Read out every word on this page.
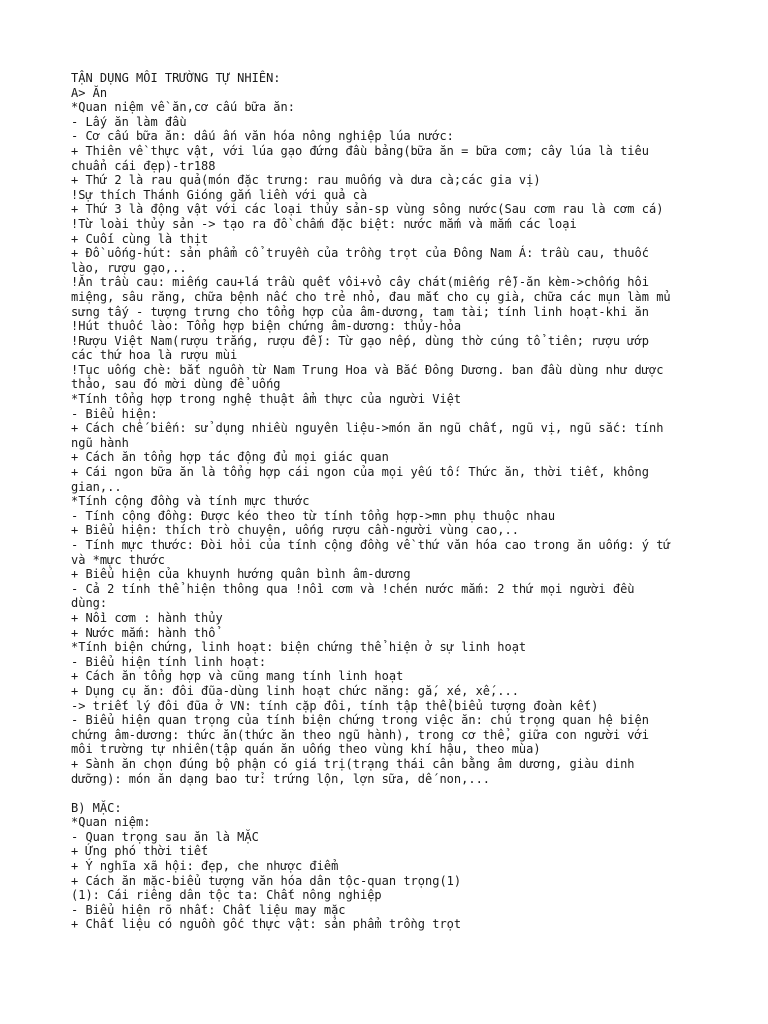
TẬN DỤNG MÔI TRƯỜNG TỰ NHIÊN:
A> Ăn
*Quan niệm về ăn,cơ cấu bữa ăn:
- Lấy ăn làm đầu
- Cơ cấu bữa ăn: dấu ấn văn hóa nông nghiệp lúa nước:
+ Thiên về thực vật, với lúa gạo đứng đầu bảng(bữa ăn = bữa cơm; cây lúa là tiêu
chuẩn cái đẹp)-tr188
+ Thứ 2 là rau quả(món đặc trưng: rau muống và dưa cà;các gia vị)
!Sự thích Thánh Gióng gắn liền với quả cà
+ Thứ 3 là động vật với các loại thủy sản-sp vùng sông nước(Sau cơm rau là cơm cá)
!Từ loài thủy sản -> tạo ra đồ chấm đặc biệt: nước mắm và mắm các loại
+ Cuối cùng là thịt
+ Đồ uống-hút: sản phẩm cổ truyền của trồng trọt của Đông Nam Á: trầu cau, thuốc
lào, rượu gạo,..
!Ăn trầu cau: miếng cau+lá trầu quết vôi+vỏ cây chát(miếng rễ)-ăn kèm->chống hôi
miệng, sâu răng, chữa bệnh nấc cho trẻ nhỏ, đau mắt cho cụ già, chữa các mụn làm mủ
sưng tấy - tượng trưng cho tổng hợp của âm-dương, tam tài; tính linh hoạt-khi ăn
!Hút thuốc lào: Tổng hợp biện chứng âm-dương: thủy-hỏa
!Rượu Việt Nam(rượu trắng, rượu đế): Từ gạo nếp, dùng thờ cúng tổ tiên; rượu ướp
các thứ hoa là rượu mùi
!Tục uống chè: bắt nguồn từ Nam Trung Hoa và Bắc Đông Dương. ban đầu dùng như dược
thảo, sau đó mời dùng để uống
*Tính tổng hợp trong nghệ thuật ẩm thực của người Việt
- Biểu hiện:
+ Cách chế biến: sử dụng nhiều nguyên liệu->món ăn ngũ chất, ngũ vị, ngũ sắc: tính
ngũ hành
+ Cách ăn tổng hợp tác động đủ mọi giác quan
+ Cái ngon bữa ăn là tổng hợp cái ngon của mọi yếu tố: Thức ăn, thời tiết, không
gian,..
*Tính cộng đồng và tính mực thước
- Tính cộng đồng: Được kéo theo từ tính tổng hợp->mn phụ thuộc nhau
+ Biểu hiện: thích trò chuyện, uống rượu cần-người vùng cao,..
- Tính mực thước: Đòi hỏi của tính cộng đồng về thứ văn hóa cao trong ăn uống: ý tứ
và *mực thước
+ Biểu hiện của khuynh hướng quân bình âm-dương
- Cả 2 tính thể hiện thông qua !nồi cơm và !chén nước mắm: 2 thứ mọi người đều
dùng:
+ Nồi cơm : hành thủy
+ Nước mắm: hành thổ
*Tính biện chứng, linh hoạt: biện chứng thể hiện ở sự linh hoạt
- Biểu hiện tính linh hoạt:
+ Cách ăn tổng hợp và cũng mang tính linh hoạt
+ Dụng cụ ăn: đôi đũa-dùng linh hoạt chức năng: gắ, xé, xế,...
-> triết lý đôi đũa ở VN: tính cặp đôi, tính tập thể(biểu tượng đoàn kết)
- Biểu hiện quan trọng của tính biện chứng trong việc ăn: chú trọng quan hệ biện
chứng âm-dương: thức ăn(thức ăn theo ngũ hành), trong cơ thể, giữa con người với
môi trường tự nhiên(tập quán ăn uống theo vùng khí hậu, theo mùa)
+ Sành ăn chọn đúng bộ phận có giá trị(trạng thái cân bằng âm dương, giàu dinh
dưỡng): món ăn dạng bao tử: trứng lộn, lợn sữa, dế non,...
B) MẶC:
*Quan niệm:
- Quan trọng sau ăn là MẶC
+ Ứng phó thời tiết
+ Ý nghĩa xã hội: đẹp, che nhược điểm
+ Cách ăn mặc-biểu tượng văn hóa dân tộc-quan trọng(1)
(1): Cái riêng dân tộc ta: Chất nông nghiệp
- Biểu hiện rõ nhất: Chất liệu may mặc
+ Chất liệu có nguồn gốc thực vật: sản phẩm trồng trọt
